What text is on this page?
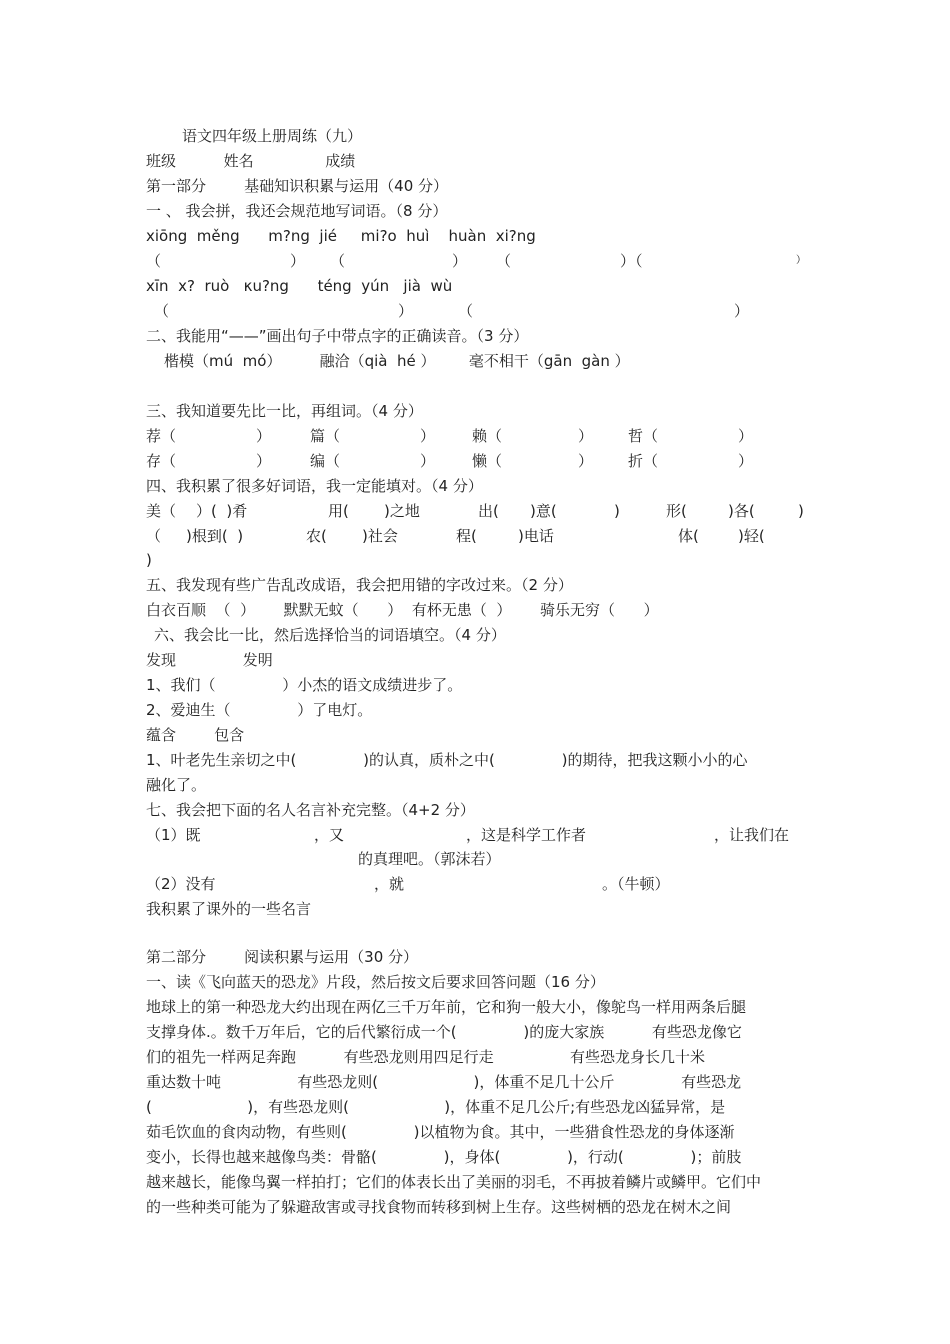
语文四年级上册周练（九）
班级          姓名               成绩
第一部分        基础知识积累与运用（40 分）
一 、 我会拼，我还会规范地写词语。（8 分）
xiōng  měng      m?ng  jié     mi?o  huì    huàn  xi?ng
（	） （	） （	）（	）
xīn  x?  ruò   κu?ng      téng  yún   jià  wù
（	）	（	）
二、我能用“——”画出句子中带点字的正确读音。（3 分）
楷模（mú  mó）        融洽（qià  hé ）       毫不相干（gān  gàn ）
三、我知道要先比一比，再组词。（4 分）
荐（	）	篇（	） 赖（	） 哲（	）
存（	）	编（	） 懒（	） 折（	）
四、我积累了很多好词语，我一定能填对。（4 分）
美（ ）(  )肴	用( )之地	出( )意(	)	形(	)各(	)
（ )根到(  )	农( )社会	程(	)电话	体(	)轻(
)
五、我发现有些广告乱改成语，我会把用错的字改过来。（2 分）
白衣百顺  （  ）      默默无蚊（      ）  有杯无患（  ）      骑乐无穷（      ）
六、我会比一比，然后选择恰当的词语填空。（4 分）
发现              发明
1、我们（              ）小杰的语文成绩进步了。
2、爱迪生（              ）了电灯。
蕴含        包含
1、叶老先生亲切之中(              )的认真，质朴之中(              )的期待，把我这颗小小的心
融化了。
七、我会把下面的名人名言补充完整。（4+2 分）
（1）既	，又	，这是科学工作者	，让我们在
的真理吧。（郭沫若）
（2）没有	，就	。（牛顿）
我积累了课外的一些名言
第二部分        阅读积累与运用（30 分）
一、读《飞向蓝天的恐龙》片段，然后按文后要求回答问题（16 分）
地球上的第一种恐龙大约出现在两亿三千万年前，它和狗一般大小，像鸵鸟一样用两条后腿
支撑身体.。数千万年后，它的后代繁衍成一个(              )的庞大家族          有些恐龙像它
们的祖先一样两足奔跑          有些恐龙则用四足行走                有些恐龙身长几十米
重达数十吨                有些恐龙则(                    )，体重不足几十公斤              有些恐龙
(                    )，有些恐龙则(                    )，体重不足几公斤;有些恐龙凶猛异常，是
茹毛饮血的食肉动物，有些则(              )以植物为食。其中，一些猎食性恐龙的身体逐渐
变小，长得也越来越像鸟类：骨骼(              )，身体(              )，行动(              )；前肢
越来越长，能像鸟翼一样拍打；它们的体表长出了美丽的羽毛，不再披着鳞片或鳞甲。它们中
的一些种类可能为了躲避敌害或寻找食物而转移到树上生存。这些树栖的恐龙在树木之间
